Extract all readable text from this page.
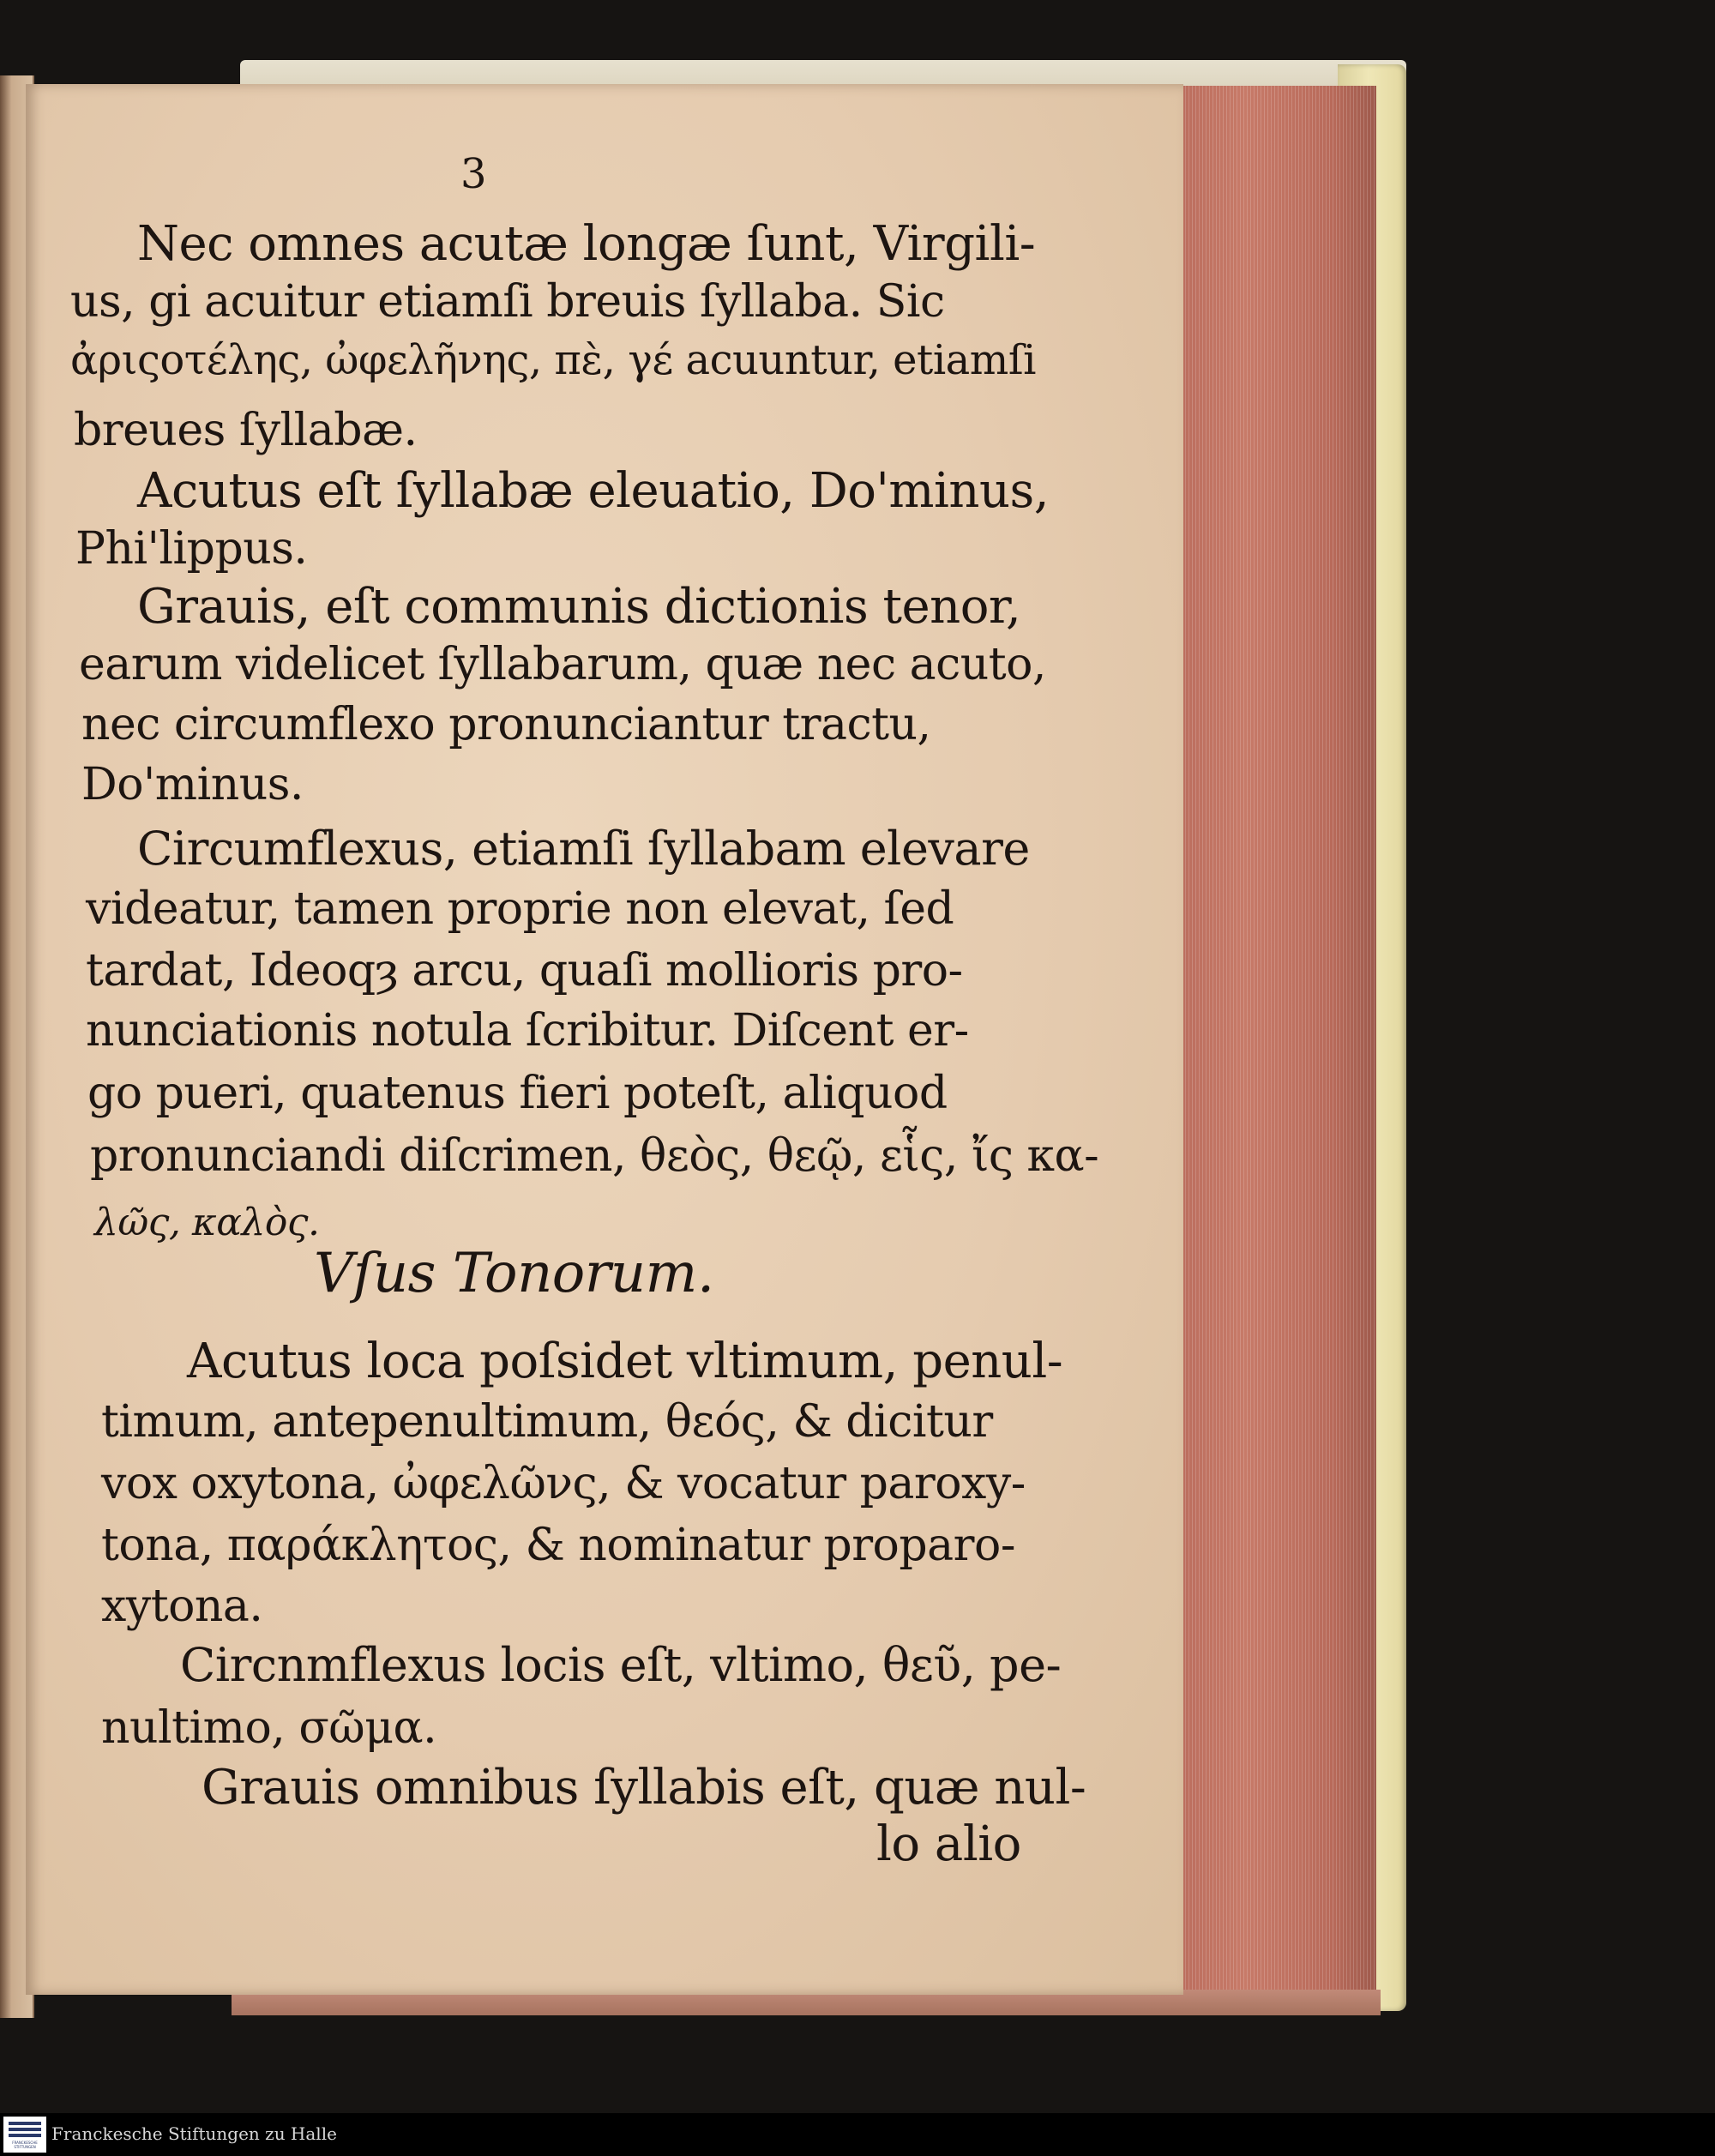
3
Nec omnes acutæ longæ ſunt, Virgili-
us, gi acuitur etiamſi breuis ſyllaba. Sic
ἀριςοτέλης, ὠφελῆνης, πὲ, γέ acuuntur, etiamſi
breues ſyllabæ.
Acutus eſt ſyllabæ eleuatio, Do'minus,
Phi'lippus.
Grauis, eſt communis dictionis tenor,
earum videlicet ſyllabarum, quæ nec acuto,
nec circumflexo pronunciantur tractu,
Do'minus.
Circumflexus, etiamſi ſyllabam elevare
videatur, tamen proprie non elevat, ſed
tardat, Ideoqȝ arcu, quaſi mollioris pro-
nunciationis notula ſcribitur. Diſcent er-
go pueri, quatenus fieri poteſt, aliquod
pronunciandi diſcrimen, θεὸς, θεῷ, εἷς, ἴς κα-
λῶς, καλὸς.
Vſus Tonorum.
Acutus loca poſsidet vltimum, penul-
timum, antepenultimum, θεός, & dicitur
vox oxytona, ὠφελῶνς, & vocatur paroxy-
tona, παράκλητος, & nominatur proparo-
xytona.
Circnmflexus locis eſt, vltimo, θεῦ, pe-
nultimo, σῶμα.
Grauis omnibus ſyllabis eſt, quæ nul-
lo alio
FRANCKESCHE STIFTUNGEN
Franckesche Stiftungen zu Halle
